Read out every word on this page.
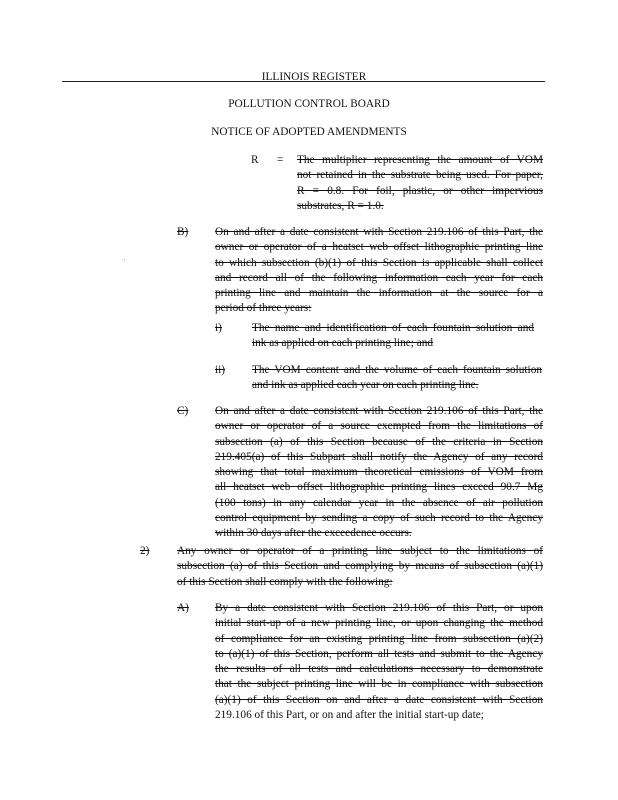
ILLINOIS REGISTER
POLLUTION CONTROL BOARD
NOTICE OF ADOPTED AMENDMENTS
R = The multiplier representing the amount of VOM
not retained in the substrate being used. For paper,
R = 0.8. For foil, plastic, or other impervious
substrates, R = 1.0.
B) On and after a date consistent with Section 219.106 of this Part, the
owner or operator of a heatset web offset lithographic printing line
to which subsection (b)(1) of this Section is applicable shall collect
and record all of the following information each year for each
printing line and maintain the information at the source for a
period of three years:
i)	The name and identification of each fountain solution and
ink as applied on each printing line; and
ii) The VOM content and the volume of each fountain solution
and ink as applied each year on each printing line.
C) On and after a date consistent with Section 219.106 of this Part, the
owner or operator of a source exempted from the limitations of
subsection (a) of this Section because of the criteria in Section
219.405(a) of this Subpart shall notify the Agency of any record
showing that total maximum theoretical emissions of VOM from
all heatset web offset lithographic printing lines exceed 90.7 Mg
(100 tons) in any calendar year in the absence of air pollution
control equipment by sending a copy of such record to the Agency
within 30 days after the exceedence occurs.
2) Any owner or operator of a printing line subject to the limitations of
subsection (a) of this Section and complying by means of subsection (a)(1)
of this Section shall comply with the following:
A) By a date consistent with Section 219.106 of this Part, or upon
initial start-up of a new printing line, or upon changing the method
of compliance for an existing printing line from subsection (a)(2)
to (a)(1) of this Section, perform all tests and submit to the Agency
the results of all tests and calculations necessary to demonstrate
that the subject printing line will be in compliance with subsection
(a)(1) of this Section on and after a date consistent with Section
219.106 of this Part, or on and after the initial start-up date;
